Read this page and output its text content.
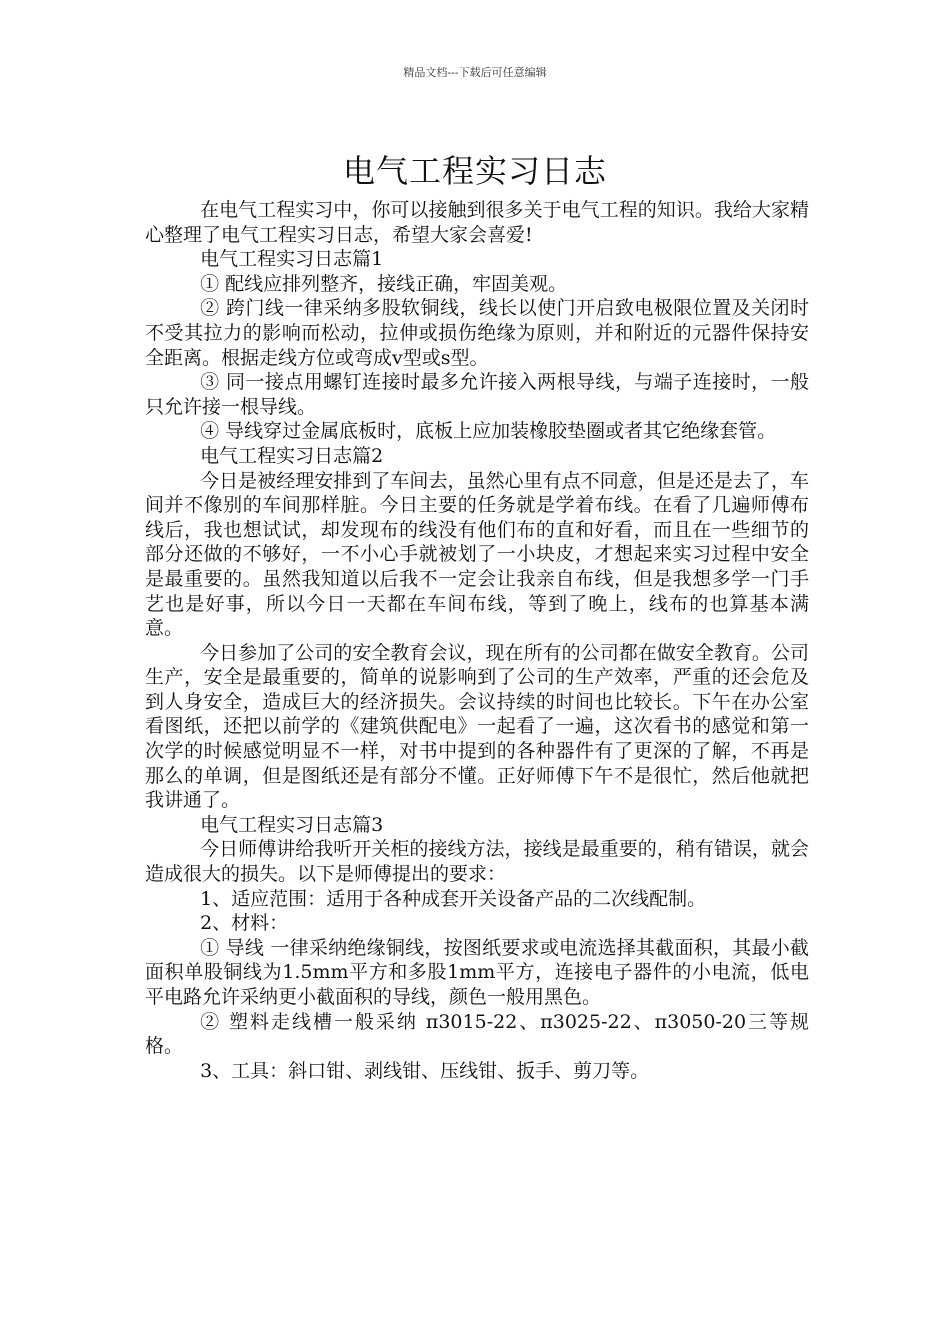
精品文档---下载后可任意编辑
电气工程实习日志

在电气工程实习中，你可以接触到很多关于电气工程的知识。我给大家精心整理了电气工程实习日志，希望大家会喜爱!

电气工程实习日志篇1

① 配线应排列整齐，接线正确，牢固美观。

② 跨门线一律采纳多股软铜线，线长以使门开启致电极限位置及关闭时不受其拉力的影响而松动，拉伸或损伤绝缘为原则，并和附近的元器件保持安全距离。根据走线方位或弯成v型或s型。

③ 同一接点用螺钉连接时最多允许接入两根导线，与端子连接时，一般只允许接一根导线。

④ 导线穿过金属底板时，底板上应加装橡胶垫圈或者其它绝缘套管。

电气工程实习日志篇2

今日是被经理安排到了车间去，虽然心里有点不同意，但是还是去了，车间并不像别的车间那样脏。今日主要的任务就是学着布线。在看了几遍师傅布线后，我也想试试，却发现布的线没有他们布的直和好看，而且在一些细节的部分还做的不够好，一不小心手就被划了一小块皮，才想起来实习过程中安全是最重要的。虽然我知道以后我不一定会让我亲自布线，但是我想多学一门手艺也是好事，所以今日一天都在车间布线，等到了晚上，线布的也算基本满意。

今日参加了公司的安全教育会议，现在所有的公司都在做安全教育。公司生产，安全是最重要的，简单的说影响到了公司的生产效率，严重的还会危及到人身安全，造成巨大的经济损失。会议持续的时间也比较长。下午在办公室看图纸，还把以前学的《建筑供配电》一起看了一遍，这次看书的感觉和第一次学的时候感觉明显不一样，对书中提到的各种器件有了更深的了解，不再是那么的单调，但是图纸还是有部分不懂。正好师傅下午不是很忙，然后他就把我讲通了。

电气工程实习日志篇3

今日师傅讲给我听开关柜的接线方法，接线是最重要的，稍有错误，就会造成很大的损失。以下是师傅提出的要求：

1、适应范围：适用于各种成套开关设备产品的二次线配制。

2、材料：

① 导线 一律采纳绝缘铜线，按图纸要求或电流选择其截面积，其最小截面积单股铜线为1.5mm平方和多股1mm平方，连接电子器件的小电流，低电平电路允许采纳更小截面积的导线，颜色一般用黑色。

② 塑料走线槽一般采纳 π3015-22、π3025-22、π3050-20三等规格。

3、工具：斜口钳、剥线钳、压线钳、扳手、剪刀等。
